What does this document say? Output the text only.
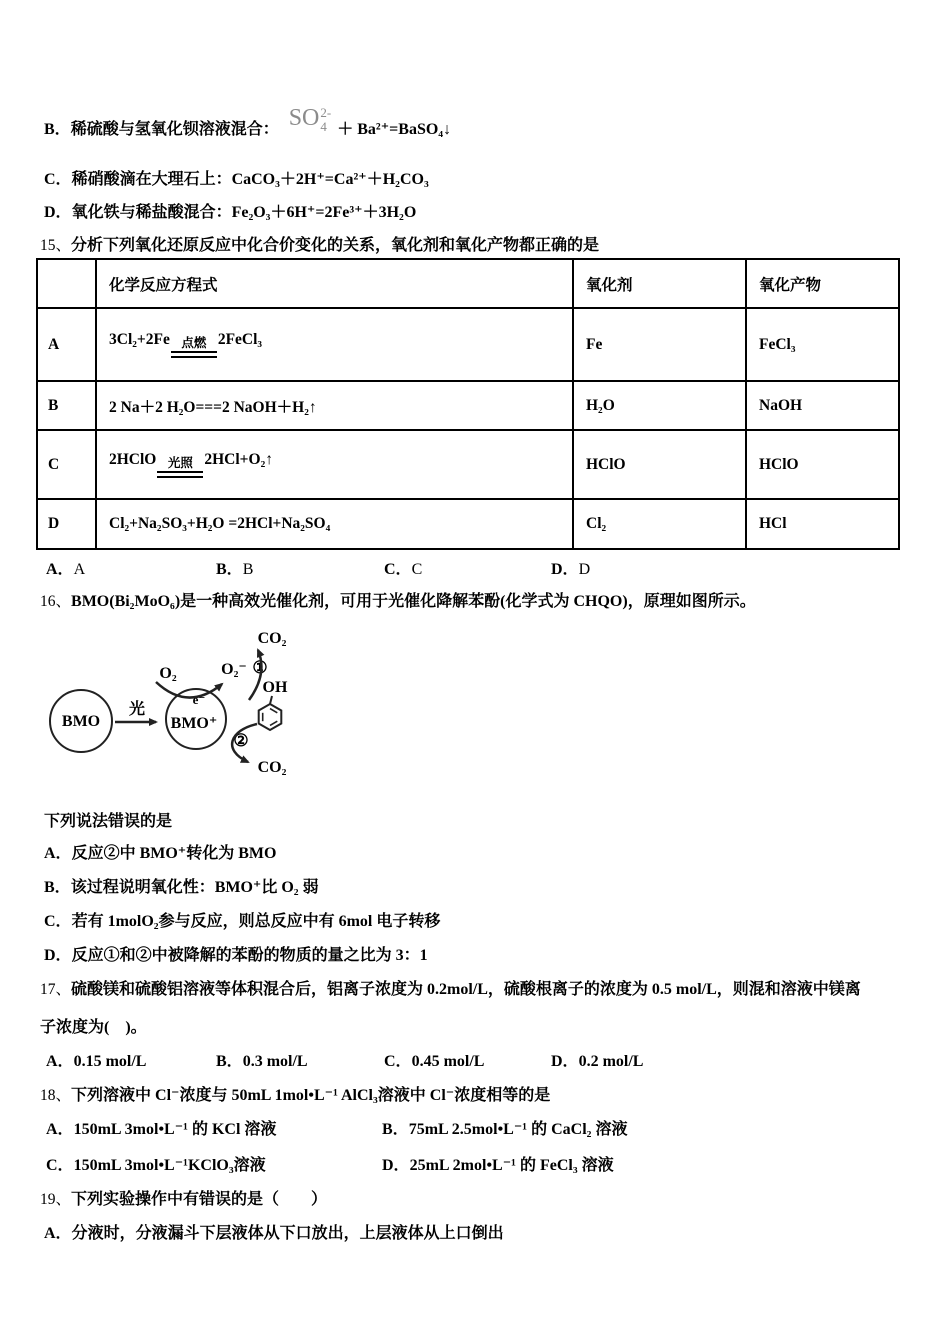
B．稀硫酸与氢氧化钡溶液混合： SO 2-
4 ＋ Ba²⁺=BaSO₄↓
C．稀硝酸滴在大理石上：CaCO₃＋2H⁺=Ca²⁺＋H₂CO₃
D．氧化铁与稀盐酸混合：Fe₂O₃＋6H⁺=2Fe³⁺＋3H₂O
15、分析下列氧化还原反应中化合价变化的关系，氧化剂和氧化产物都正确的是
	化学反应方程式	氧化剂	氧化产物
A	3Cl₂+2Fe 点燃 2FeCl₃	Fe	FeCl₃
B	2 Na＋2 H₂O===2 NaOH＋H₂↑	H₂O	NaOH
C	2HClO 光照 2HCl+O₂↑	HClO	HClO
D	Cl₂+Na₂SO₃+H₂O =2HCl+Na₂SO₄	Cl₂	HCl
A．A	B．B	C．C	D．D
16、BMO(Bi₂MoO₆)是一种高效光催化剂，可用于光催化降解苯酚(化学式为 CHQO)，原理如图所示。
BMO
光
BMO⁺
O₂
e⁻
O₂⁻ ①
CO₂
OH
②
CO₂
下列说法错误的是
A．反应②中 BMO⁺转化为 BMO
B．该过程说明氧化性：BMO⁺比 O₂ 弱
C．若有 1molO₂参与反应，则总反应中有 6mol 电子转移
D．反应①和②中被降解的苯酚的物质的量之比为 3：1
17、硫酸镁和硫酸铝溶液等体积混合后，铝离子浓度为 0.2mol/L，硫酸根离子的浓度为 0.5 mol/L，则混和溶液中镁离
子浓度为(　)。
A．0.15 mol/L	B．0.3 mol/L	C．0.45 mol/L	D．0.2 mol/L
18、下列溶液中 Cl⁻浓度与 50mL 1mol•L⁻¹ AlCl₃溶液中 Cl⁻浓度相等的是
A．150mL 3mol•L⁻¹ 的 KCl 溶液	B．75mL 2.5mol•L⁻¹ 的 CaCl₂ 溶液
C．150mL 3mol•L⁻¹KClO₃溶液	D．25mL 2mol•L⁻¹ 的 FeCl₃ 溶液
19、下列实验操作中有错误的是（　　）
A．分液时，分液漏斗下层液体从下口放出，上层液体从上口倒出
